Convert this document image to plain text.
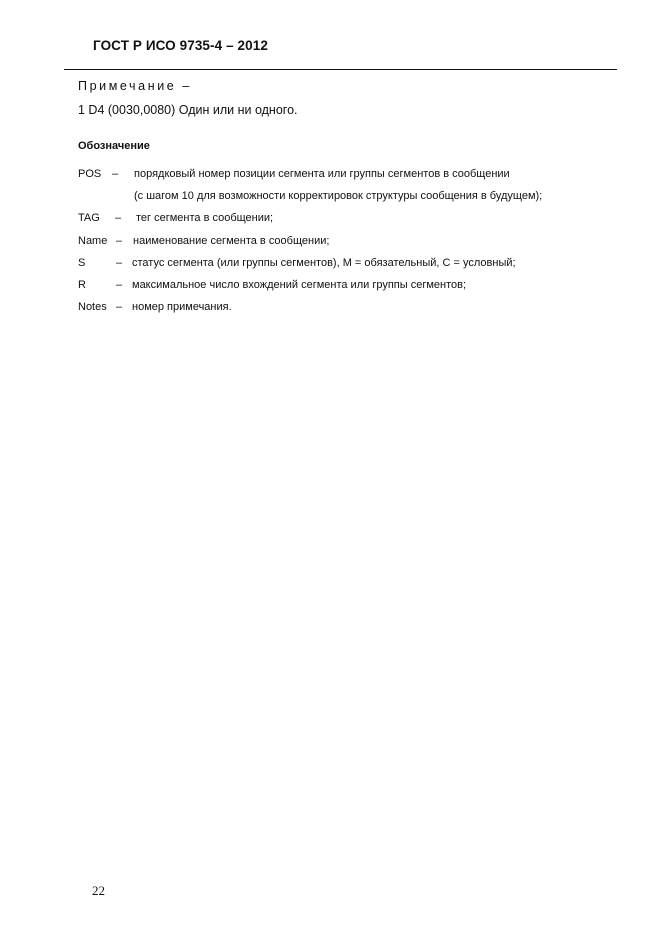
ГОСТ Р ИСО 9735-4 – 2012
Примечание –
1 D4 (0030,0080) Один или ни одного.
Обозначение
POS – порядковый номер позиции сегмента или группы сегментов в сообщении
(с шагом 10 для возможности корректировок структуры сообщения в будущем);
TAG – тег сегмента в сообщении;
Name – наименование сегмента в сообщении;
S	– статус сегмента (или группы сегментов), М = обязательный, С = условный;
R	– максимальное число вхождений сегмента или группы сегментов;
Notes – номер примечания.
22
